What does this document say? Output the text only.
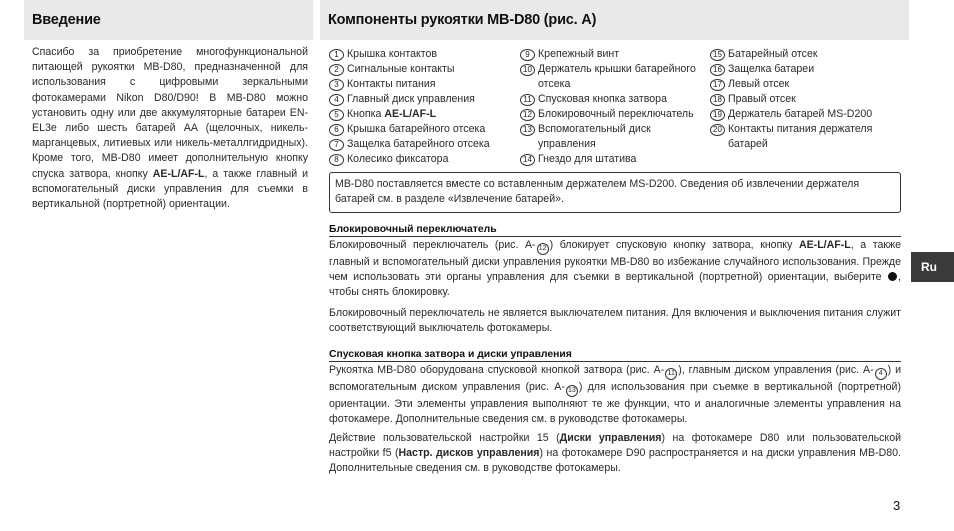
Введение	Компоненты рукоятки MB-D80 (рис. A)

Спасибо за приобретение многофункциональной питающей рукоятки MB-D80, предназначенной для использования с цифровыми зеркальными фотокамерами Nikon D80/D90! В MB-D80 можно установить одну или две аккумуляторные батареи EN-EL3e либо шесть батарей AA (щелочных, никель-марганцевых, литиевых или никель-металлгидридных). Кроме того, MB-D80 имеет дополнительную кнопку спуска затвора, кнопку AE-L/AF-L, а также главный и вспомогательный диски управления для съемки в вертикальной (портретной) ориентации.

1 Крышка контактов
2 Сигнальные контакты
3 Контакты питания
4 Главный диск управления
5 Кнопка AE-L/AF-L
6 Крышка батарейного отсека
7 Защелка батарейного отсека
8 Колесико фиксатора
9 Крепежный винт
10 Держатель крышки батарейного отсека
11 Спусковая кнопка затвора
12 Блокировочный переключатель
13 Вспомогательный диск управления
14 Гнездо для штатива
15 Батарейный отсек
16 Защелка батареи
17 Левый отсек
18 Правый отсек
19 Держатель батарей MS-D200
20 Контакты питания держателя батарей
MB-D80 поставляется вместе со вставленным держателем MS-D200. Сведения об извлечении держателя батарей см. в разделе «Извлечение батарей».
Блокировочный переключатель

Блокировочный переключатель (рис. A- 12 ) блокирует спусковую кнопку затвора, кнопку AE-L/AF-L, а также главный и вспомогательный диски управления рукоятки MB-D80 во избежание случайного использования. Прежде чем использовать эти органы управления для съемки в вертикальной (портретной) ориентации, выберите , чтобы снять блокировку.

Блокировочный переключатель не является выключателем питания. Для включения и выключения питания служит соответствующий выключатель фотокамеры.

Спусковая кнопка затвора и диски управления

Рукоятка MB-D80 оборудована спусковой кнопкой затвора (рис. A- 11 ), главным диском управления (рис. A- 4 ) и вспомогательным диском управления (рис. A- 13 ) для использования при съемке в вертикальной (портретной) ориентации. Эти элементы управления выполняют те же функции, что и аналогичные элементы управления на фотокамере. Дополнительные сведения см. в руководстве фотокамеры.

Действие пользовательской настройки 15 (Диски управления) на фотокамере D80 или пользовательской настройки f5 (Настр. дисков управления) на фотокамере D90 распространяется и на диски управления MB-D80. Дополнительные сведения см. в руководстве фотокамеры.

Ru
3
